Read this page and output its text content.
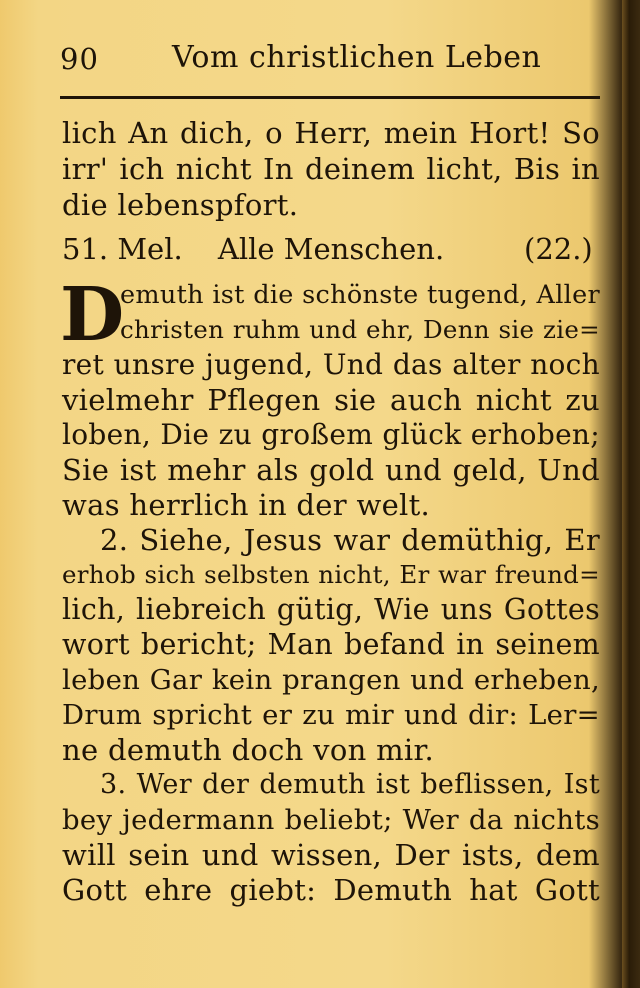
90 Vom christlichen Leben
lich An dich, o Herr, mein Hort! So
irr' ich nicht In deinem licht, Bis in
die lebenspfort.
51. Mel. Alle Menschen.	(22.)
D
emuth ist die schönste tugend, Aller
christen ruhm und ehr, Denn sie zie=
ret unsre jugend, Und das alter noch
vielmehr Pflegen sie auch nicht zu
loben, Die zu großem glück erhoben;
Sie ist mehr als gold und geld, Und
was herrlich in der welt.
2. Siehe, Jesus war demüthig, Er
erhob sich selbsten nicht, Er war freund=
lich, liebreich gütig, Wie uns Gottes
wort bericht; Man befand in seinem
leben Gar kein prangen und erheben,
Drum spricht er zu mir und dir: Ler=
ne demuth doch von mir.
3. Wer der demuth ist beflissen, Ist
bey jedermann beliebt; Wer da nichts
will sein und wissen, Der ists, dem
Gott ehre giebt: Demuth hat Gott
